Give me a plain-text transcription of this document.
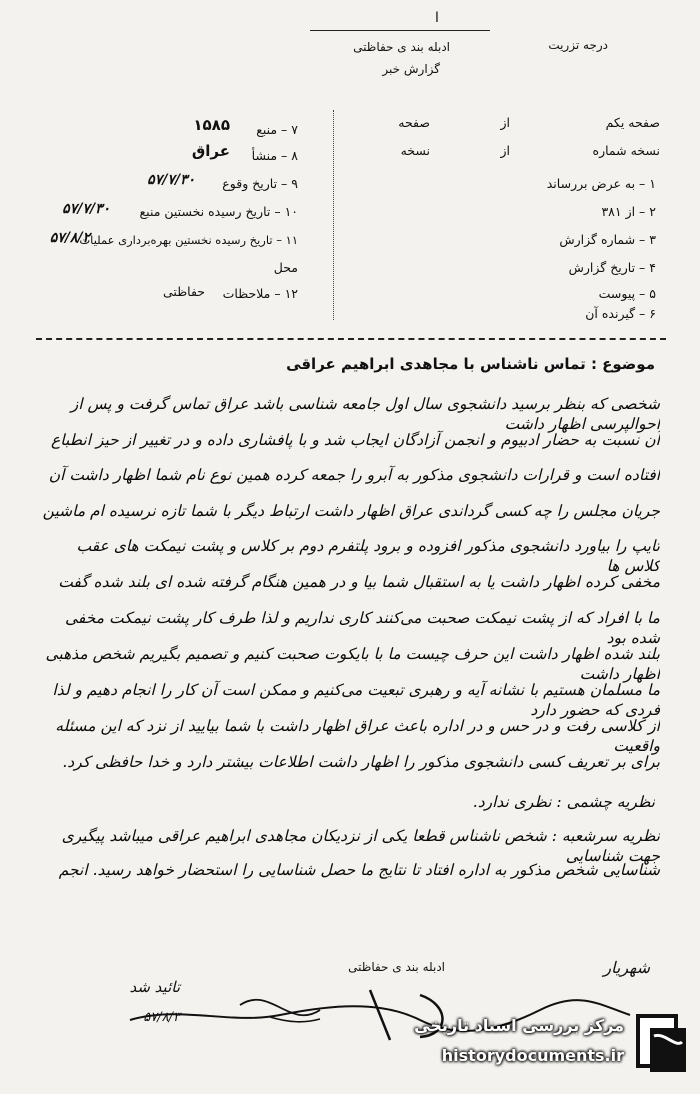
درجه تزریت
ادبله بند ی حفاظتی
گزارش خبر
ا
صفحه یکم
از
صفحه
نسخه شماره
از
نسخه
۱ – به عرض بررساند
۲ – از ۳۸۱
۳ – شماره گزارش
۴ – تاریخ گزارش
۵ – پیوست
۶ – گیرنده آن
۷ – منبع
۱۵۸۵
۸ – منشأ
عراق
۹ – تاریخ وقوع
۵۷/۷/۳۰
۱۰ – تاریخ رسیده نخستین منبع
۵۷/۷/۳۰
۱۱ – تاریخ رسیده نخستین بهره‌برداری عملیات
۵۷/۸/۲
محل
۱۲ – ملاحظات
حفاظتی
موضوع : تماس ناشناس با مجاهدی ابراهیم عراقی
شخصی که بنظر برسید دانشجوی سال اول جامعه شناسی باشد عراق تماس گرفت و پس از احوالپرسی اظهار داشت
آن نسبت به حضار ادبیوم و انجمن آزادگان ایجاب شد و با پافشاری داده و در تغییر از حیز انطباع
افتاده است و قرارات دانشجوی مذکور به آبرو را جمعه کرده همین نوع نام شما اظهار داشت آن
جریان مجلس را چه کسی گرداندی عراق اظهار داشت ارتباط دیگر با شما تازه نرسیده ام ماشین
تایپ را بیاورد دانشجوی مذکور افزوده و برود پلتفرم دوم بر کلاس و پشت نیمکت های عقب کلاس ها
مخفی کرده اظهار داشت یا به استقبال شما بیا و در همین هنگام گرفته شده ای بلند شده گفت
ما با افراد که از پشت نیمکت صحبت می‌کنند کاری نداریم و لذا طرف کار پشت نیمکت مخفی شده بود
بلند شده اظهار داشت این حرف چیست ما با بایکوت صحبت کنیم و تصمیم بگیریم شخص مذهبی اظهار داشت
ما مسلمان هستیم با نشانه آیه و رهبری تبعیت می‌کنیم و ممکن است آن کار را انجام دهیم و لذا فردی که حضور دارد
از کلاسی رفت و در حس و در اداره باعث عراق اظهار داشت با شما بیایید از نزد که این مسئله واقعیت
برای بر تعریف کسی دانشجوی مذکور را اظهار داشت اطلاعات بیشتر دارد و خدا حافظی کرد.
نظریه چشمی : نظری ندارد.
نظریه سرشعبه : شخص ناشناس قطعا یکی از نزدیکان مجاهدی ابراهیم عراقی میباشد پیگیری جهت شناسایی
شناسایی شخص مذکور به اداره افتاد تا نتایج ما حصل شناسایی را استحضار خواهد رسید. انجم
ادبله بند ی حفاظتی	شهریار
تائید شد
۵۷/۸/۳	مرکز بررسی اسناد تاریخی
historydocuments.ir
